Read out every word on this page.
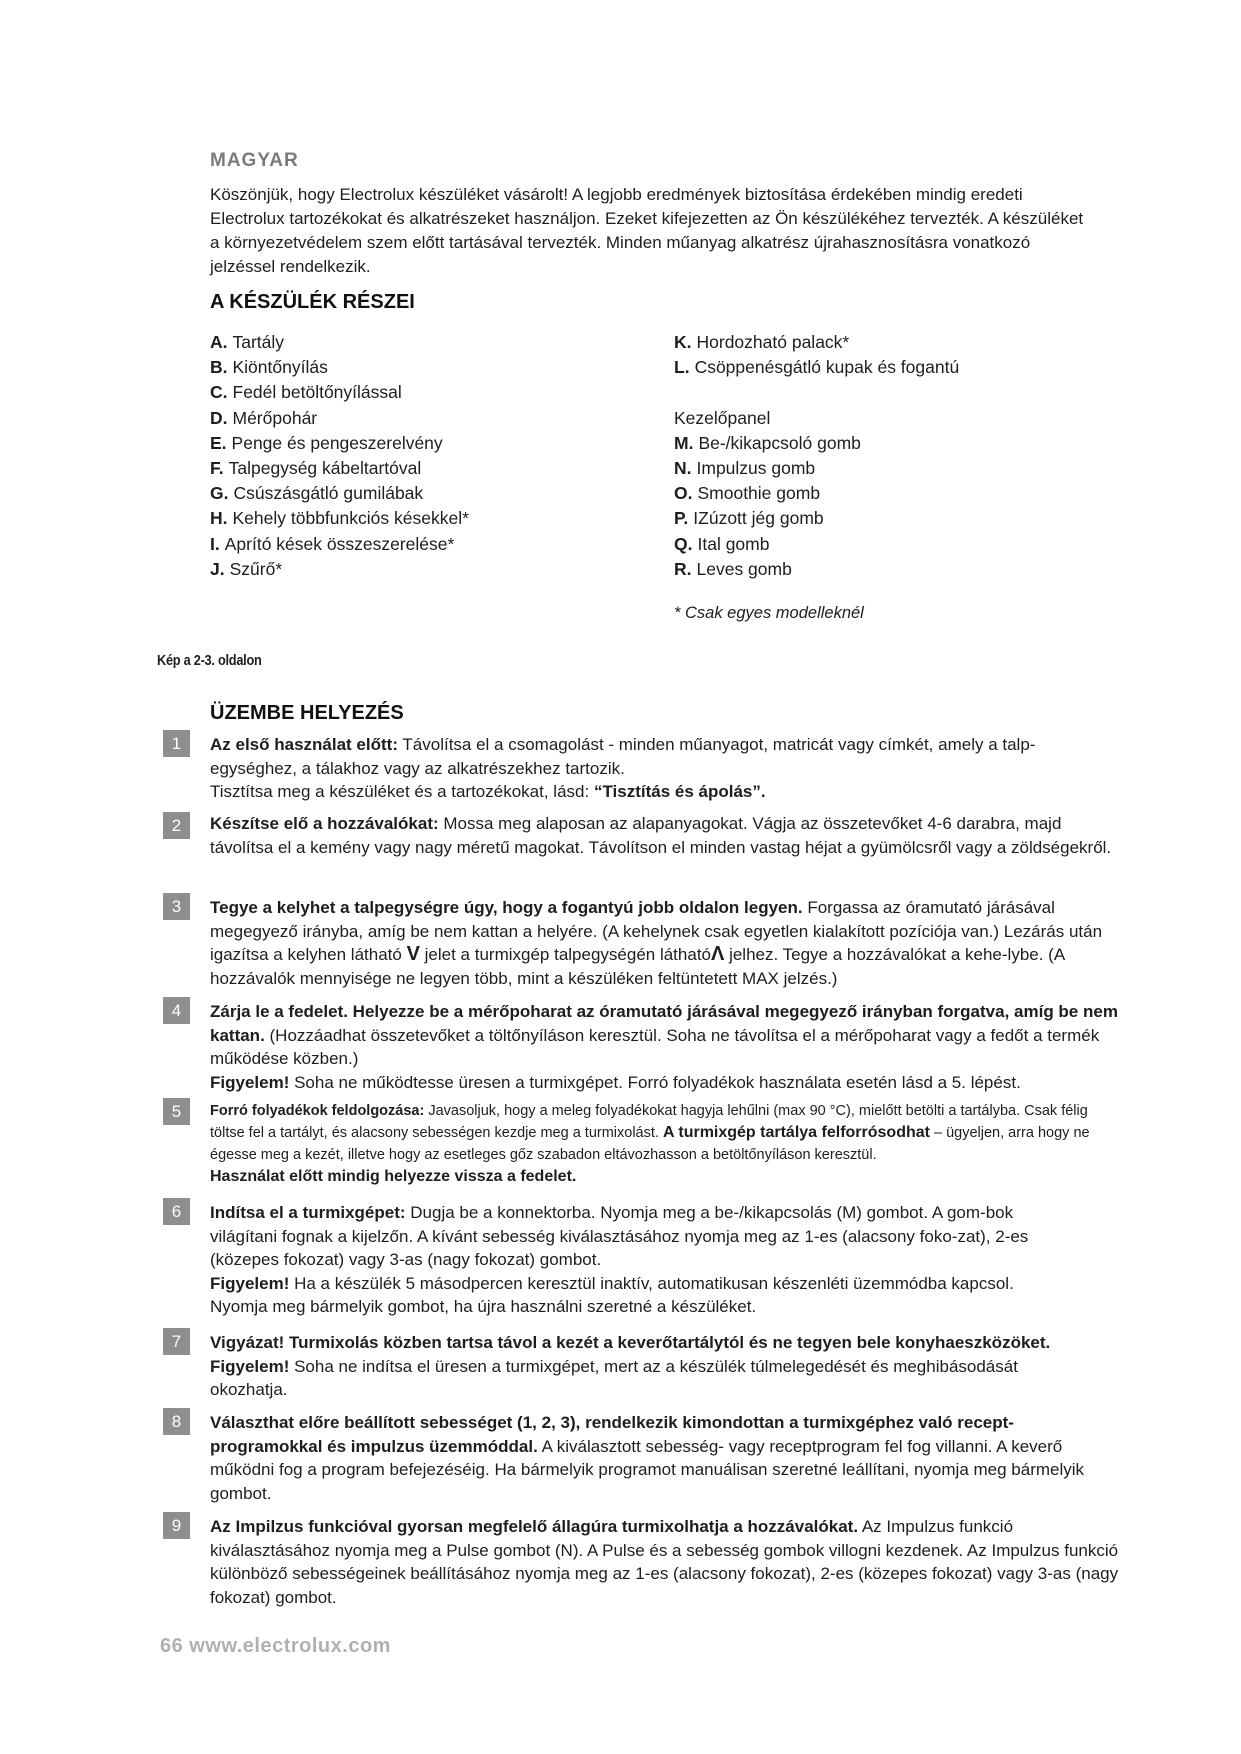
MAGYAR
Köszönjük, hogy Electrolux készüléket vásárolt! A legjobb eredmények biztosítása érdekében mindig eredeti Electrolux tartozékokat és alkatrészeket használjon. Ezeket kifejezetten az Ön készülékéhez tervezték. A készüléket a környezetvédelem szem előtt tartásával tervezték. Minden műanyag alkatrész újrahasznosításra vonatkozó jelzéssel rendelkezik.
A KÉSZÜLÉK RÉSZEI
A. Tartály
B. Kiöntőnyílás
C. Fedél betöltőnyílással
D. Mérőpohár
E. Penge és pengeszerelvény
F. Talpegység kábeltartóval
G. Csúszásgátló gumilábak
H. Kehely többfunkciós késekkel*
I. Aprító kések összeszerelése*
J. Szűrő*
K. Hordozható palack*
L. Csöppenésgátló kupak és fogantú
Kezelőpanel
M. Be-/kikapcsoló gomb
N. Impulzus gomb
O. Smoothie gomb
P. IZúzott jég gomb
Q. Ital gomb
R. Leves gomb
* Csak egyes modelleknél
Kép a 2-3. oldalon
ÜZEMBE HELYEZÉS
1	Az első használat előtt: Távolítsa el a csomagolást - minden műanyagot, matricát vagy címkét, amely a talp-egységhez, a tálakhoz vagy az alkatrészekhez tartozik.
Tisztítsa meg a készüléket és a tartozékokat, lásd: “Tisztítás és ápolás”.
2	Készítse elő a hozzávalókat: Mossa meg alaposan az alapanyagokat. Vágja az összetevőket 4-6 darabra, majd távolítsa el a kemény vagy nagy méretű magokat. Távolítson el minden vastag héjat a gyümölcsről vagy a zöldségekről.
3	Tegye a kelyhet a talpegységre úgy, hogy a fogantyú jobb oldalon legyen. Forgassa az óramutató járásával megegyező irányba, amíg be nem kattan a helyére. (A kehelynek csak egyetlen kialakított pozíciója van.) Lezárás után igazítsa a kelyhen látható V jelet a turmixgép talpegységén láthatóΛ jelhez. Tegye a hozzávalókat a kehe-lybe. (A hozzávalók mennyisége ne legyen több, mint a készüléken feltüntetett MAX jelzés.)
4	Zárja le a fedelet. Helyezze be a mérőpoharat az óramutató járásával megegyező irányban forgatva, amíg be nem kattan. (Hozzáadhat összetevőket a töltőnyíláson keresztül. Soha ne távolítsa el a mérőpoharat vagy a fedőt a termék működése közben.)
Figyelem! Soha ne működtesse üresen a turmixgépet. Forró folyadékok használata esetén lásd a 5. lépést.
5	Forró folyadékok feldolgozása: Javasoljuk, hogy a meleg folyadékokat hagyja lehűlni (max 90 °C), mielőtt betölti a tartályba. Csak félig töltse fel a tartályt, és alacsony sebességen kezdje meg a turmixolást. A turmixgép tartálya felforrósodhat – ügyeljen, arra hogy ne égesse meg a kezét, illetve hogy az esetleges gőz szabadon eltávozhasson a betöltőnyíláson keresztül.
Használat előtt mindig helyezze vissza a fedelet.
6	Indítsa el a turmixgépet: Dugja be a konnektorba. Nyomja meg a be-/kikapcsolás (M) gombot. A gom-bok világítani fognak a kijelzőn. A kívánt sebesség kiválasztásához nyomja meg az 1-es (alacsony foko-zat), 2-es (közepes fokozat) vagy 3-as (nagy fokozat) gombot.
Figyelem! Ha a készülék 5 másodpercen keresztül inaktív, automatikusan készenléti üzemmódba kapcsol. Nyomja meg bármelyik gombot, ha újra használni szeretné a készüléket.
7	Vigyázat! Turmixolás közben tartsa távol a kezét a keverőtartálytól és ne tegyen bele konyhaeszközöket.
Figyelem! Soha ne indítsa el üresen a turmixgépet, mert az a készülék túlmelegedését és meghibásodását okozhatja.
8	Választhat előre beállított sebességet (1, 2, 3), rendelkezik kimondottan a turmixgéphez való recept-programokkal és impulzus üzemmóddal. A kiválasztott sebesség- vagy receptprogram fel fog villanni. A keverő működni fog a program befejezéséig. Ha bármelyik programot manuálisan szeretné leállítani, nyomja meg bármelyik gombot.
9	Az Impilzus funkcióval gyorsan megfelelő állagúra turmixolhatja a hozzávalókat. Az Impulzus funkció kiválasztásához nyomja meg a Pulse gombot (N). A Pulse és a sebesség gombok villogni kezdenek. Az Impulzus funkció különböző sebességeinek beállításához nyomja meg az 1-es (alacsony fokozat), 2-es (közepes fokozat) vagy 3-as (nagy fokozat) gombot.
66 www.electrolux.com
